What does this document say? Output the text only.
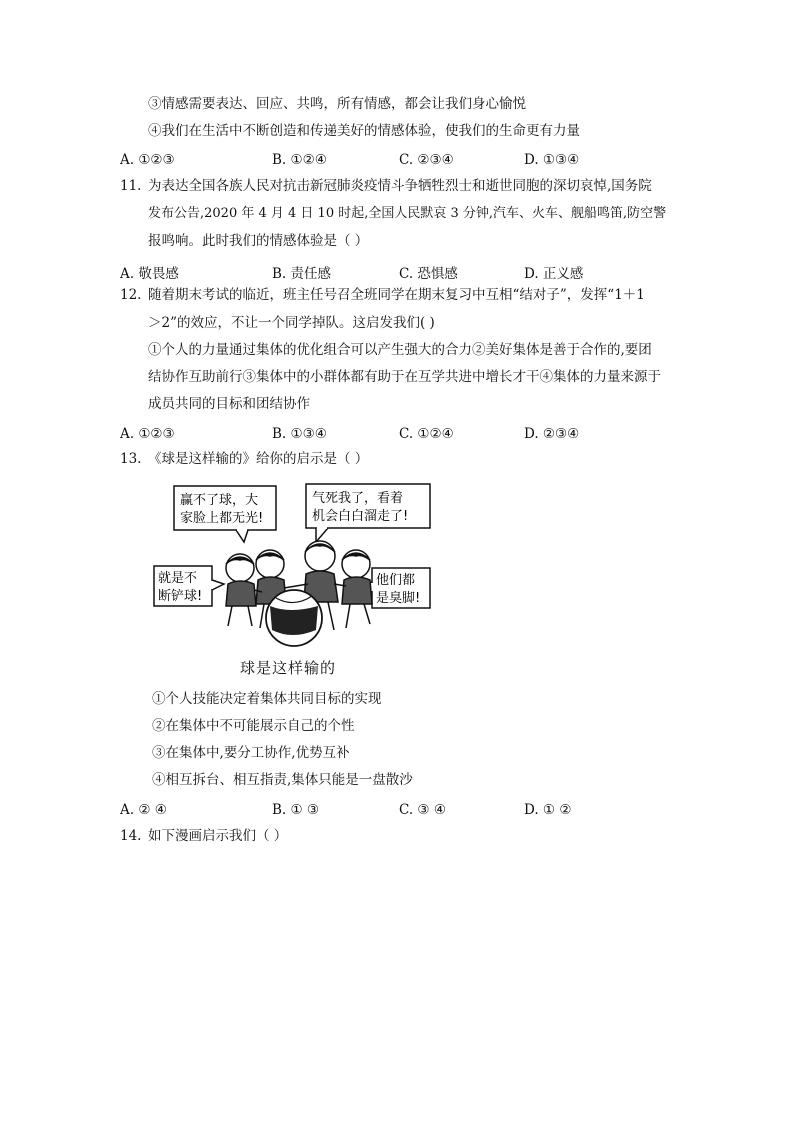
③情感需要表达、回应、共鸣，所有情感，都会让我们身心愉悦
④我们在生活中不断创造和传递美好的情感体验，使我们的生命更有力量
A. ①②③	B. ①②④	C. ②③④	D. ①③④
11. 为表达全国各族人民对抗击新冠肺炎疫情斗争牺牲烈士和逝世同胞的深切哀悼,国务院
发布公告,2020 年 4 月 4 日 10 时起,全国人民默哀 3 分钟,汽车、火车、舰船鸣笛,防空警
报鸣响。此时我们的情感体验是（ ）
A. 敬畏感	B. 责任感	C. 恐惧感	D. 正义感
12. 随着期末考试的临近，班主任号召全班同学在期末复习中互相“结对子”，发挥“1＋1
＞2”的效应，不让一个同学掉队。这启发我们( )
①个人的力量通过集体的优化组合可以产生强大的合力②美好集体是善于合作的,要团
结协作互助前行③集体中的小群体都有助于在互学共进中增长才干④集体的力量来源于
成员共同的目标和团结协作
A. ①②③	B. ①③④	C. ①②④	D. ②③④
13. 《球是这样输的》给你的启示是（ ）
赢不了球，大
家脸上都无光!
气死我了，看着
机会白白溜走了!
就是不
断铲球!
他们都
是臭脚!
球是这样输的
①个人技能决定着集体共同目标的实现
②在集体中不可能展示自己的个性
③在集体中,要分工协作,优势互补
④相互拆台、相互指责,集体只能是一盘散沙
A. ② ④	B. ① ③	C. ③ ④	D. ① ②
14. 如下漫画启示我们（ ）
